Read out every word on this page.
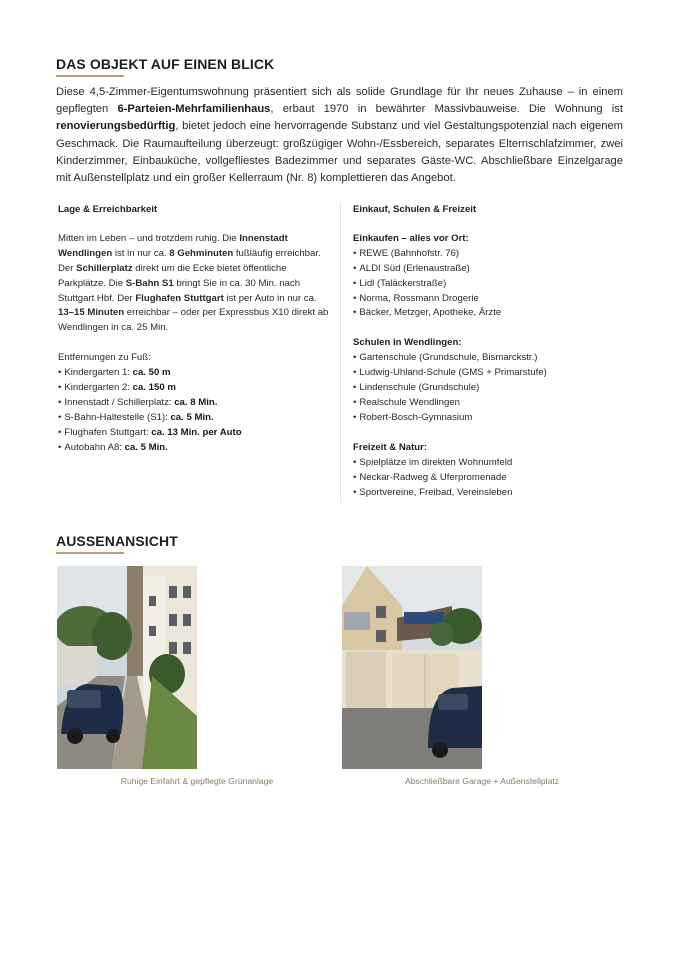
DAS OBJEKT AUF EINEN BLICK
Diese 4,5-Zimmer-Eigentumswohnung präsentiert sich als solide Grundlage für Ihr neues Zuhause – in einem gepflegten 6-Parteien-Mehrfamilienhaus, erbaut 1970 in bewährter Massivbauweise. Die Wohnung ist renovierungsbedürftig, bietet jedoch eine hervorragende Substanz und viel Gestaltungspotenzial nach eigenem Geschmack. Die Raumaufteilung überzeugt: großzügiger Wohn-/Essbereich, separates Elternschlafzimmer, zwei Kinderzimmer, Einbauküche, vollgefliestes Badezimmer und separates Gäste-WC. Abschließbare Einzelgarage mit Außenstellplatz und ein großer Kellerraum (Nr. 8) komplettieren das Angebot.
Lage & Erreichbarkeit

Mitten im Leben – und trotzdem ruhig. Die Innenstadt Wendlingen ist in nur ca. 8 Gehminuten fußläufig erreichbar. Der Schillerplatz direkt um die Ecke bietet öffentliche Parkplätze. Die S-Bahn S1 bringt Sie in ca. 30 Min. nach Stuttgart Hbf. Der Flughafen Stuttgart ist per Auto in nur ca. 13–15 Minuten erreichbar – oder per Expressbus X10 direkt ab Wendlingen in ca. 25 Min.

Entfernungen zu Fuß:

• Kindergarten 1: ca. 50 m
• Kindergarten 2: ca. 150 m
• Innenstadt / Schillerplatz: ca. 8 Min.
• S-Bahn-Haltestelle (S1): ca. 5 Min.
• Flughafen Stuttgart: ca. 13 Min. per Auto
• Autobahn A8: ca. 5 Min.
Einkauf, Schulen & Freizeit

Einkaufen – alles vor Ort:

• REWE (Bahnhofstr. 76)
• ALDI Süd (Erlenaustraße)
• Lidl (Taläckerstraße)
• Norma, Rossmann Drogerie
• Bäcker, Metzger, Apotheke, Ärzte

Schulen in Wendlingen:

• Gartenschule (Grundschule, Bismarckstr.)
• Ludwig-Uhland-Schule (GMS + Primarstufe)
• Lindenschule (Grundschule)
• Realschule Wendlingen
• Robert-Bosch-Gymnasium

Freizeit & Natur:

• Spielplätze im direkten Wohnumfeld
• Neckar-Radweg & Uferpromenade
• Sportvereine, Freibad, Vereinsleben
AUSSENANSICHT
Ruhige Einfahrt & gepflegte Grünanlage	Abschließbare Garage + Außenstellplatz
